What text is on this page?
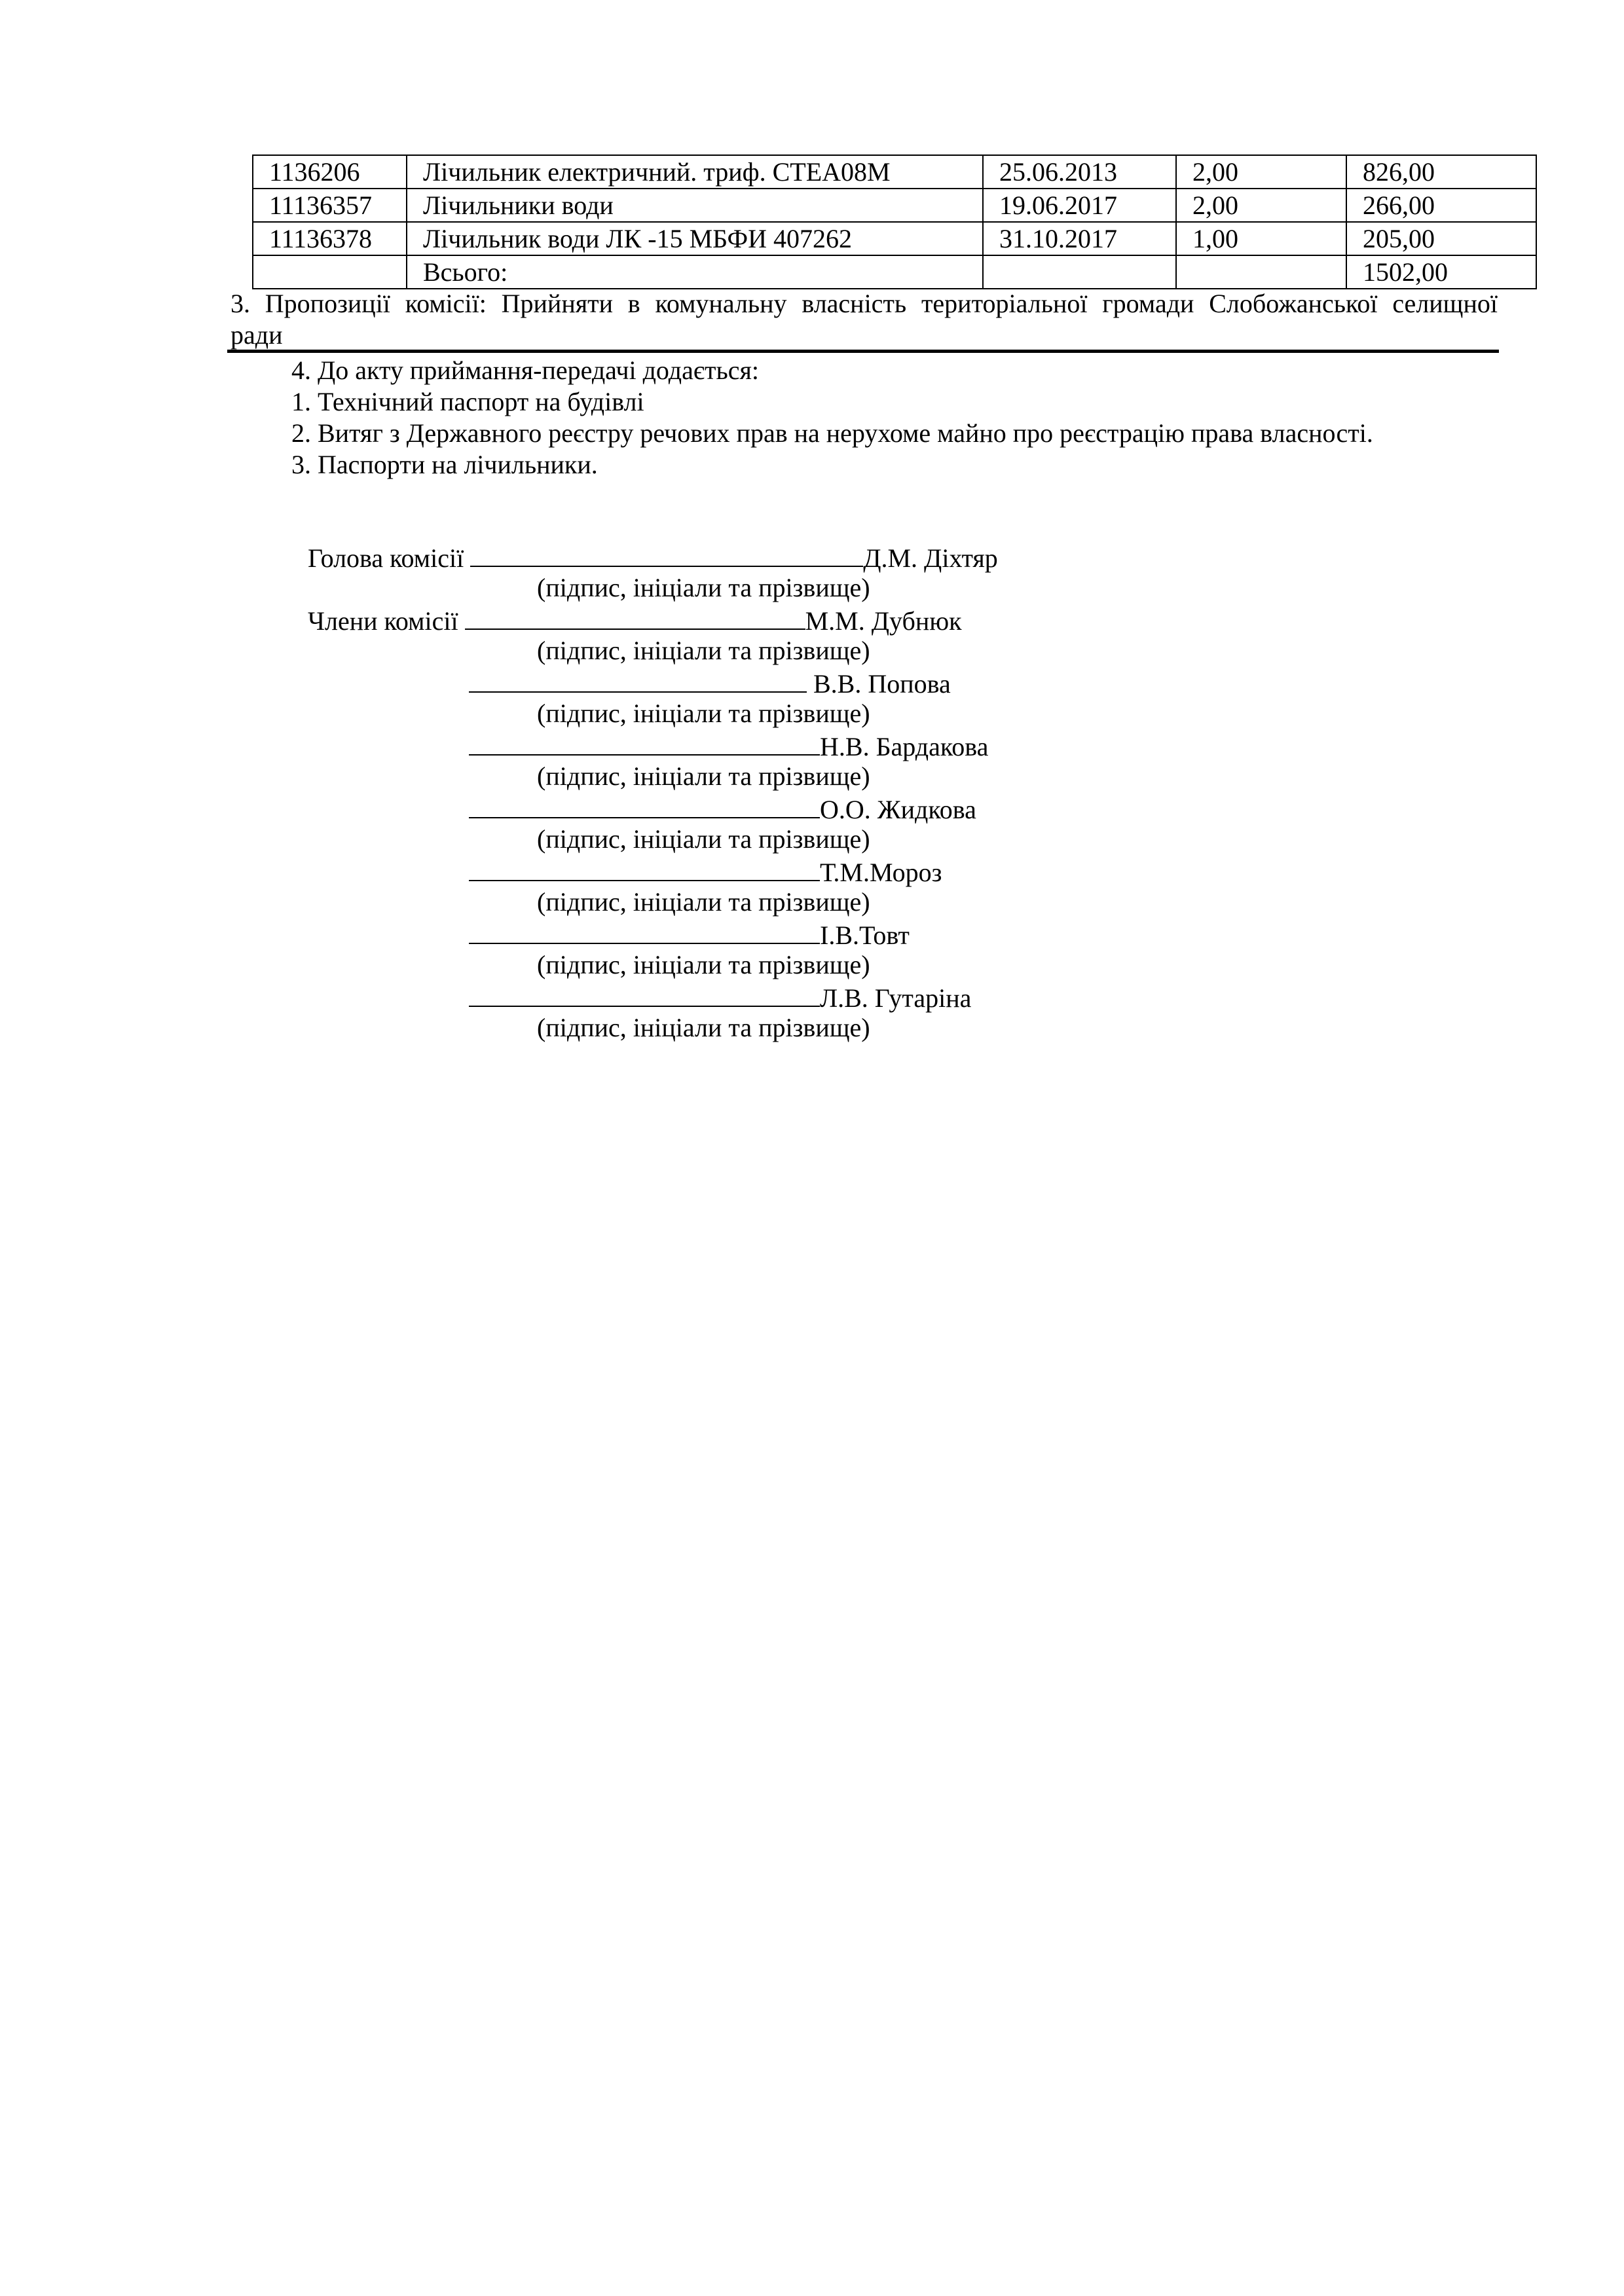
1136206	Лічильник електричний. триф. СТЕА08М	25.06.2013	2,00	826,00
11136357	Лічильники води	19.06.2017	2,00	266,00
11136378	Лічильник води ЛК -15 МБФИ 407262	31.10.2017	1,00	205,00
	Всього:			1502,00
3. Пропозиції комісії: Прийняти в комунальну власність територіальної громади Слобожанської селищної
ради
4. До акту приймання-передачі додається:
1. Технічний паспорт на будівлі
2. Витяг з Державного реєстру речових прав на нерухоме майно про реєстрацію права власності.
3. Паспорти на лічильники.
Голова комісії	Д.М. Діхтяр
(підпис, ініціали та прізвище)
Члени комісії	М.М. Дубнюк
(підпис, ініціали та прізвище)
В.В. Попова
(підпис, ініціали та прізвище)
Н.В. Бардакова
(підпис, ініціали та прізвище)
О.О. Жидкова
(підпис, ініціали та прізвище)
Т.М.Мороз
(підпис, ініціали та прізвище)
І.В.Товт
(підпис, ініціали та прізвище)
Л.В. Гутаріна
(підпис, ініціали та прізвище)
